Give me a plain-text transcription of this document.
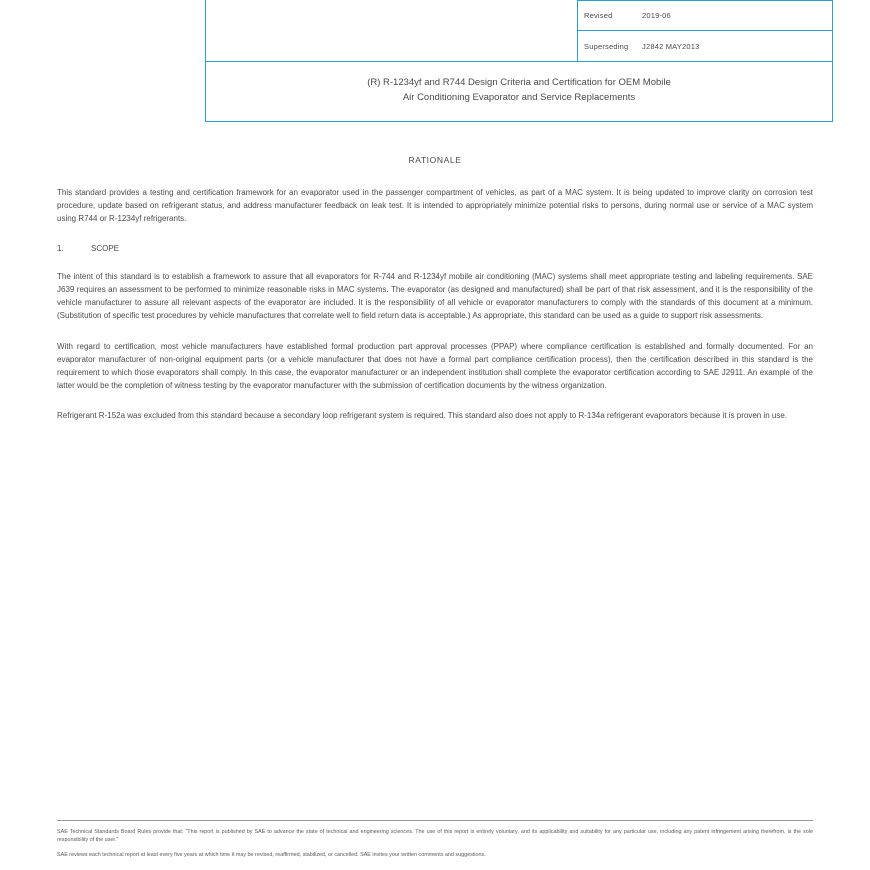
Revised	2019-06
Superseding	J2842 MAY2013
(R) R-1234yf and R744 Design Criteria and Certification for OEM Mobile
Air Conditioning Evaporator and Service Replacements
RATIONALE

This standard provides a testing and certification framework for an evaporator used in the passenger compartment of vehicles, as part of a MAC system. It is being updated to improve clarity on corrosion test procedure, update based on refrigerant status, and address manufacturer feedback on leak test. It is intended to appropriately minimize potential risks to persons, during normal use or service of a MAC system using R744 or R-1234yf refrigerants.

1.	SCOPE

The intent of this standard is to establish a framework to assure that all evaporators for R-744 and R-1234yf mobile air conditioning (MAC) systems shall meet appropriate testing and labeling requirements. SAE J639 requires an assessment to be performed to minimize reasonable risks in MAC systems. The evaporator (as designed and manufactured) shall be part of that risk assessment, and it is the responsibility of the vehicle manufacturer to assure all relevant aspects of the evaporator are included. It is the responsibility of all vehicle or evaporator manufacturers to comply with the standards of this document at a minimum. (Substitution of specific test procedures by vehicle manufactures that correlate well to field return data is acceptable.) As appropriate, this standard can be used as a guide to support risk assessments.

With regard to certification, most vehicle manufacturers have established formal production part approval processes (PPAP) where compliance certification is established and formally documented. For an evaporator manufacturer of non-original equipment parts (or a vehicle manufacturer that does not have a formal part compliance certification process), then the certification described in this standard is the requirement to which those evaporators shall comply. In this case, the evaporator manufacturer or an independent institution shall complete the evaporator certification according to SAE J2911. An example of the latter would be the completion of witness testing by the evaporator manufacturer with the submission of certification documents by the witness organization.

Refrigerant R-152a was excluded from this standard because a secondary loop refrigerant system is required. This standard also does not apply to R-134a refrigerant evaporators because it is proven in use.

SAE Technical Standards Board Rules provide that: “This report is published by SAE to advance the state of technical and engineering sciences. The use of this report is entirely voluntary, and its applicability and suitability for any particular use, including any patent infringement arising therefrom, is the sole responsibility of the user.”

SAE reviews each technical report at least every five years at which time it may be revised, reaffirmed, stabilized, or cancelled. SAE invites your written comments and suggestions.
